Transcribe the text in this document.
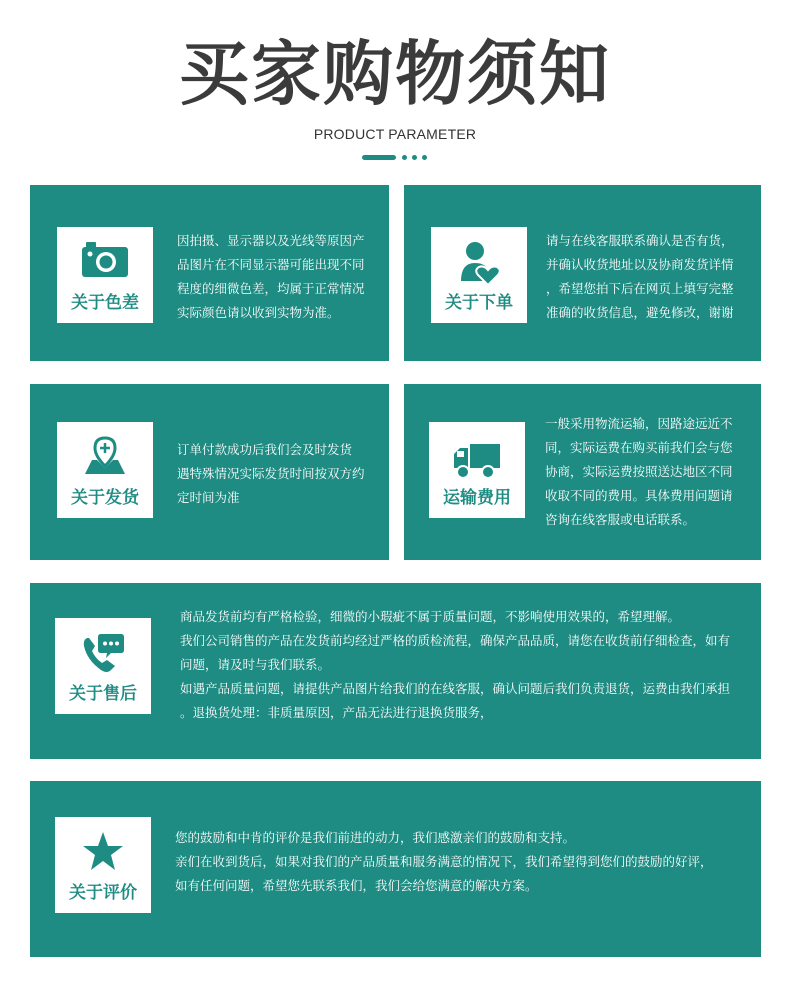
买家购物须知
PRODUCT PARAMETER
关于色差

因拍摄、显示器以及光线等原因产

品图片在不同显示器可能出现不同

程度的细微色差，均属于正常情况

实际颜色请以收到实物为准。	关于下单

请与在线客服联系确认是否有货，

并确认收货地址以及协商发货详情

，希望您拍下后在网页上填写完整

准确的收货信息，避免修改，谢谢

关于发货

订单付款成功后我们会及时发货

遇特殊情况实际发货时间按双方约

定时间为准	运输费用

一般采用物流运输，因路途远近不

同，实际运费在购买前我们会与您

协商，实际运费按照送达地区不同

收取不同的费用。具体费用问题请

咨询在线客服或电话联系。

关于售后

商品发货前均有严格检验，细微的小瑕疵不属于质量问题，不影响使用效果的，希望理解。

我们公司销售的产品在发货前均经过严格的质检流程，确保产品品质，请您在收货前仔细检查，如有

问题，请及时与我们联系。

如遇产品质量问题，请提供产品图片给我们的在线客服，确认问题后我们负责退货，运费由我们承担

。退换货处理：非质量原因，产品无法进行退换货服务，

关于评价

您的鼓励和中肯的评价是我们前进的动力，我们感激亲们的鼓励和支持。

亲们在收到货后，如果对我们的产品质量和服务满意的情况下，我们希望得到您们的鼓励的好评，

如有任何问题，希望您先联系我们，我们会给您满意的解决方案。
